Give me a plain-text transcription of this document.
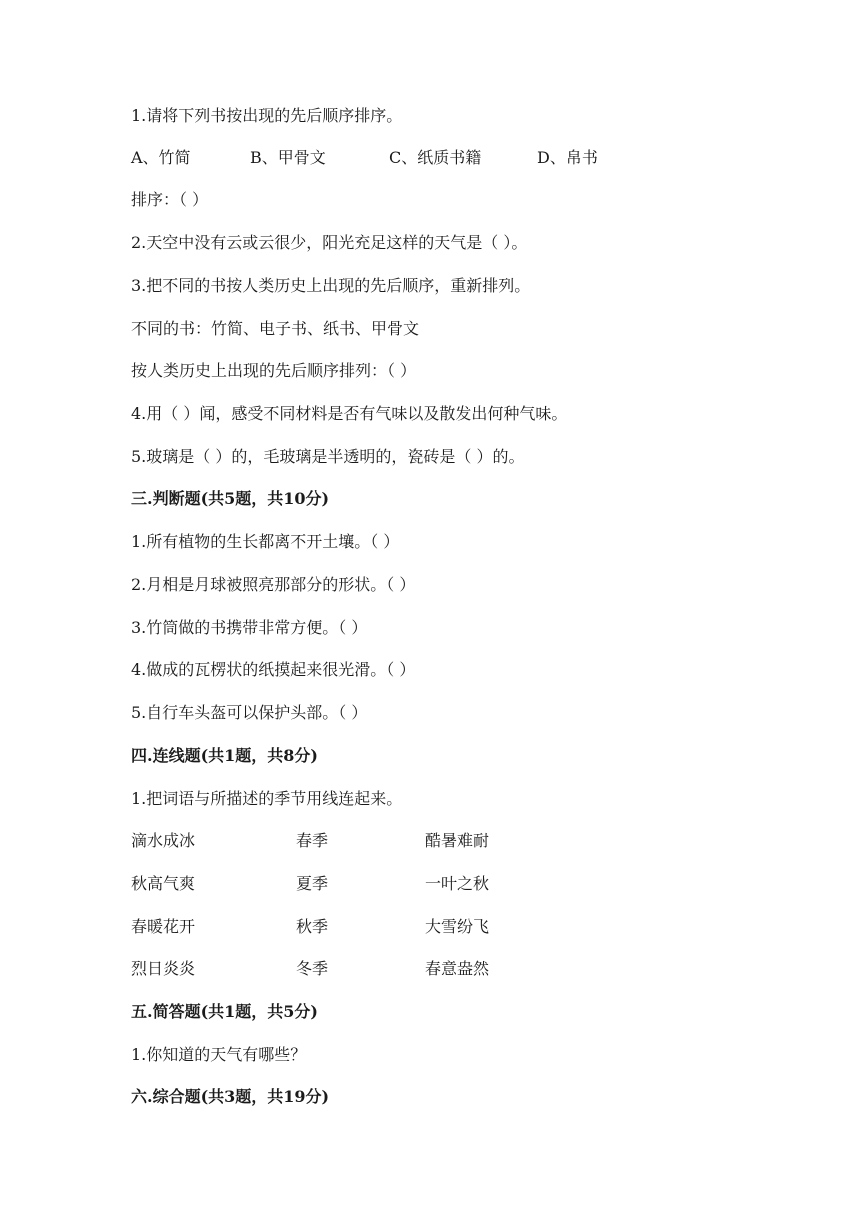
1.请将下列书按出现的先后顺序排序。
A、竹简	B、甲骨文	C、纸质书籍	D、帛书
排序：（ ）
2.天空中没有云或云很少，阳光充足这样的天气是（ ）。
3.把不同的书按人类历史上出现的先后顺序，重新排列。
不同的书：竹简、电子书、纸书、甲骨文
按人类历史上出现的先后顺序排列：（ ）
4.用（ ）闻，感受不同材料是否有气味以及散发出何种气味。
5.玻璃是（ ）的，毛玻璃是半透明的，瓷砖是（ ）的。
三.判断题(共5题，共10分)
1.所有植物的生长都离不开土壤。（ ）
2.月相是月球被照亮那部分的形状。（ ）
3.竹筒做的书携带非常方便。（ ）
4.做成的瓦楞状的纸摸起来很光滑。（ ）
5.自行车头盔可以保护头部。（ ）
四.连线题(共1题，共8分)
1.把词语与所描述的季节用线连起来。
滴水成冰	春季	酷暑难耐
秋高气爽	夏季	一叶之秋
春暖花开	秋季	大雪纷飞
烈日炎炎	冬季	春意盎然
五.简答题(共1题，共5分)
1.你知道的天气有哪些？
六.综合题(共3题，共19分)
